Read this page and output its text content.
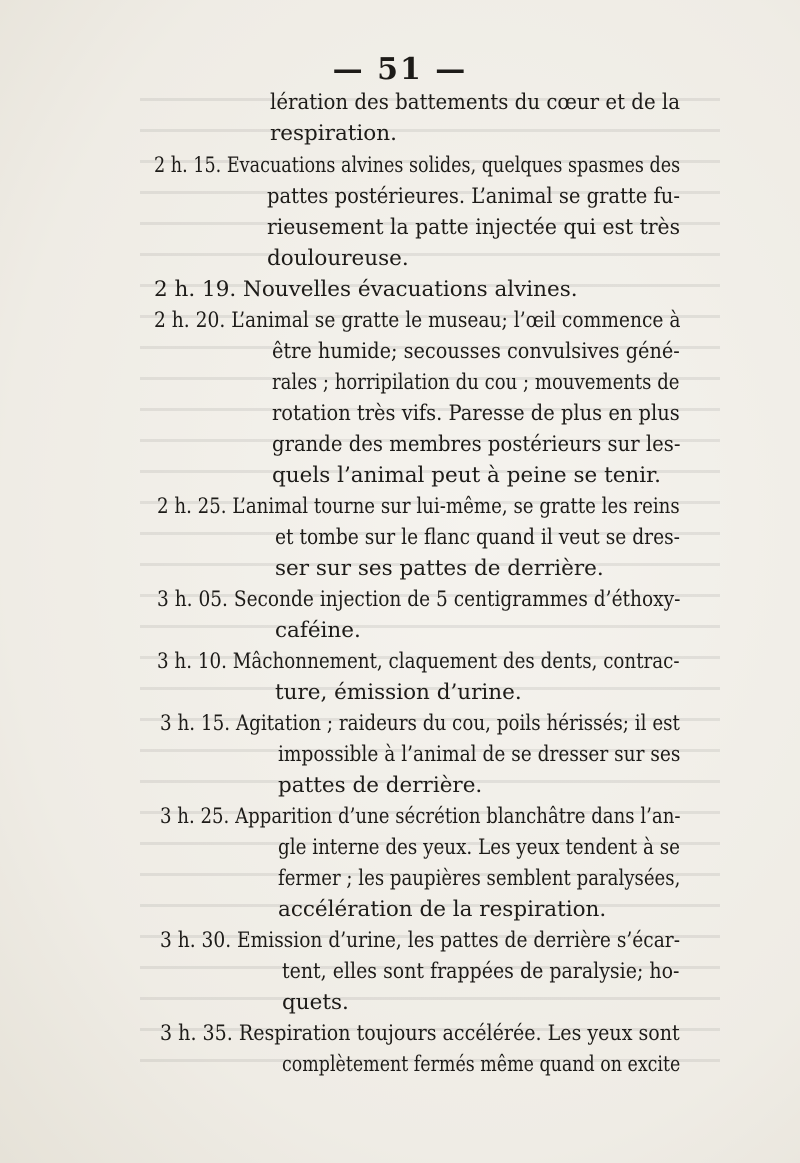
— 51 —
lération des battements du cœur et de la
respiration.
2 h. 15. Evacuations alvines solides, quelques spasmes des
pattes postérieures. L’animal se gratte fu-
rieusement la patte injectée qui est très
douloureuse.
2 h. 19. Nouvelles évacuations alvines.
2 h. 20. L’animal se gratte le museau; l’œil commence à
être humide; secousses convulsives géné-
rales ; horripilation du cou ; mouvements de
rotation très vifs. Paresse de plus en plus
grande des membres postérieurs sur les-
quels l’animal peut à peine se tenir.
2 h. 25. L’animal tourne sur lui-même, se gratte les reins
et tombe sur le flanc quand il veut se dres-
ser sur ses pattes de derrière.
3 h. 05. Seconde injection de 5 centigrammes d’éthoxy-
caféine.
3 h. 10. Mâchonnement, claquement des dents, contrac-
ture, émission d’urine.
3 h. 15. Agitation ; raideurs du cou, poils hérissés; il est
impossible à l’animal de se dresser sur ses
pattes de derrière.
3 h. 25. Apparition d’une sécrétion blanchâtre dans l’an-
gle interne des yeux. Les yeux tendent à se
fermer ; les paupières semblent paralysées,
accélération de la respiration.
3 h. 30. Emission d’urine, les pattes de derrière s’écar-
tent, elles sont frappées de paralysie; ho-
quets.
3 h. 35. Respiration toujours accélérée. Les yeux sont
complètement fermés même quand on excite
